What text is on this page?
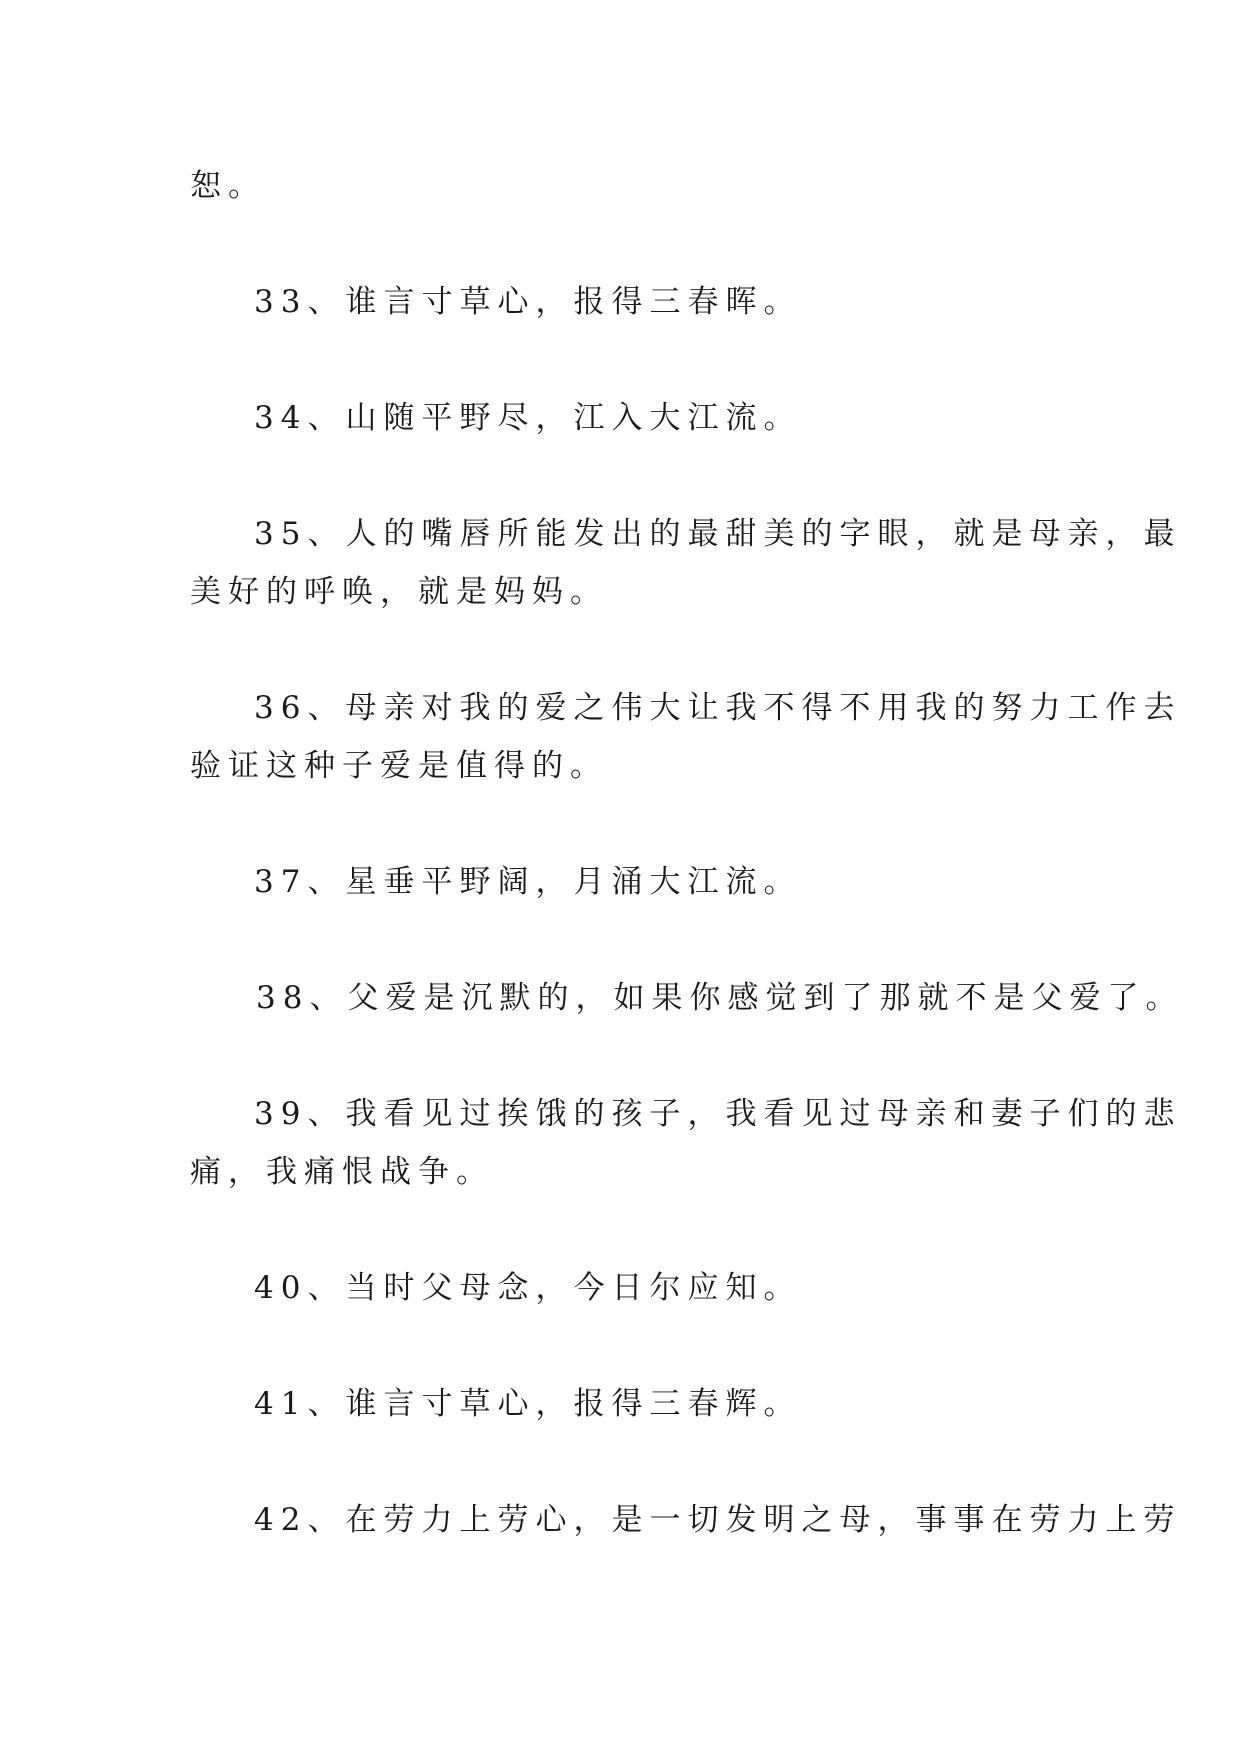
恕。
33、谁言寸草心，报得三春晖。
34、山随平野尽，江入大江流。
35、人的嘴唇所能发出的最甜美的字眼，就是母亲，最
美好的呼唤，就是妈妈。
36、母亲对我的爱之伟大让我不得不用我的努力工作去
验证这种子爱是值得的。
37、星垂平野阔，月涌大江流。
38、父爱是沉默的，如果你感觉到了那就不是父爱了。
39、我看见过挨饿的孩子，我看见过母亲和妻子们的悲
痛，我痛恨战争。
40、当时父母念，今日尔应知。
41、谁言寸草心，报得三春辉。
42、在劳力上劳心，是一切发明之母，事事在劳力上劳
